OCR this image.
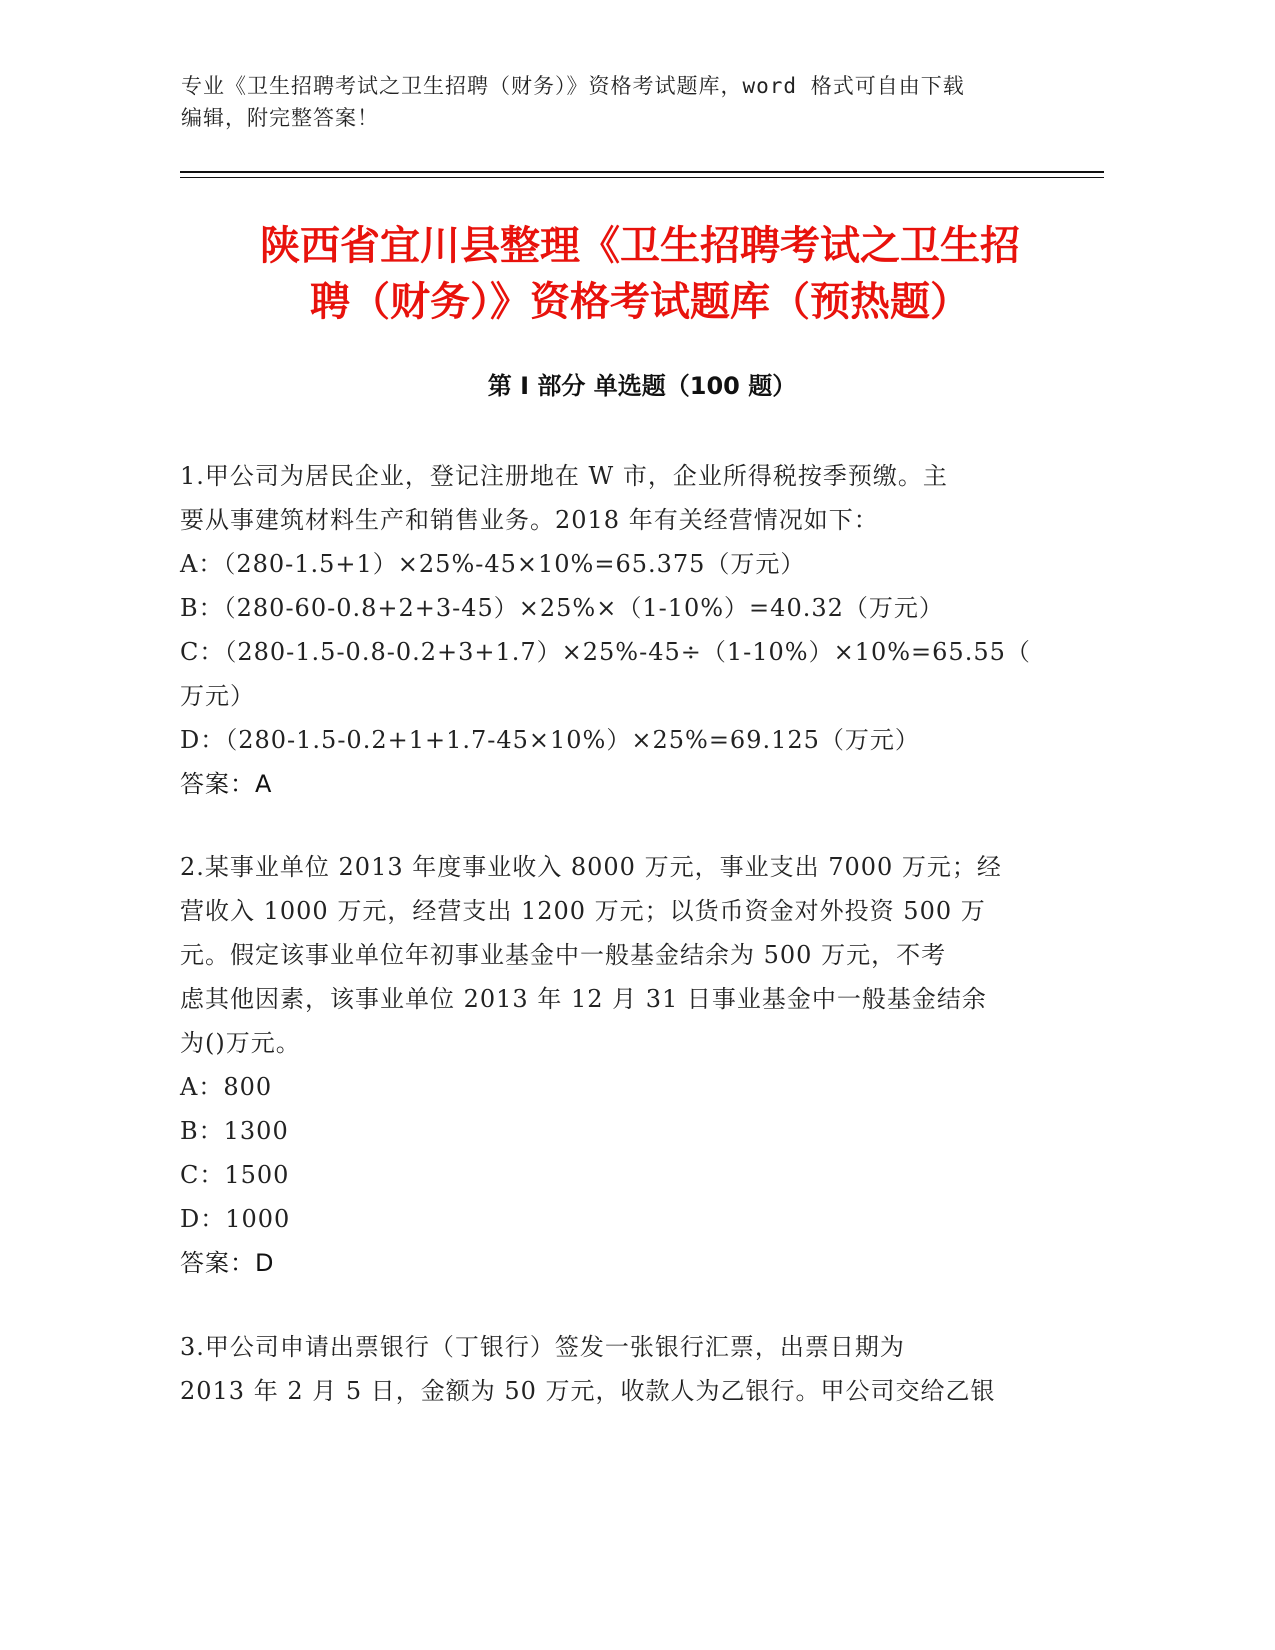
专业《卫生招聘考试之卫生招聘（财务）》资格考试题库，word 格式可自由下载
编辑，附完整答案！
陕西省宜川县整理《卫生招聘考试之卫生招
聘（财务）》资格考试题库（预热题）
第 I 部分 单选题（100 题）

1.甲公司为居民企业，登记注册地在 W 市，企业所得税按季预缴。主

要从事建筑材料生产和销售业务。2018 年有关经营情况如下：

A：（280-1.5+1）×25%-45×10%=65.375（万元）

B：（280-60-0.8+2+3-45）×25%×（1-10%）=40.32（万元）

C：（280-1.5-0.8-0.2+3+1.7）×25%-45÷（1-10%）×10%=65.55（

万元）

D：（280-1.5-0.2+1+1.7-45×10%）×25%=69.125（万元）

答案：A

2.某事业单位 2013 年度事业收入 8000 万元，事业支出 7000 万元；经

营收入 1000 万元，经营支出 1200 万元；以货币资金对外投资 500 万

元。假定该事业单位年初事业基金中一般基金结余为 500 万元，不考

虑其他因素，该事业单位 2013 年 12 月 31 日事业基金中一般基金结余

为()万元。

A：800

B：1300

C：1500

D：1000

答案：D

3.甲公司申请出票银行（丁银行）签发一张银行汇票，出票日期为

2013 年 2 月 5 日，金额为 50 万元，收款人为乙银行。甲公司交给乙银
